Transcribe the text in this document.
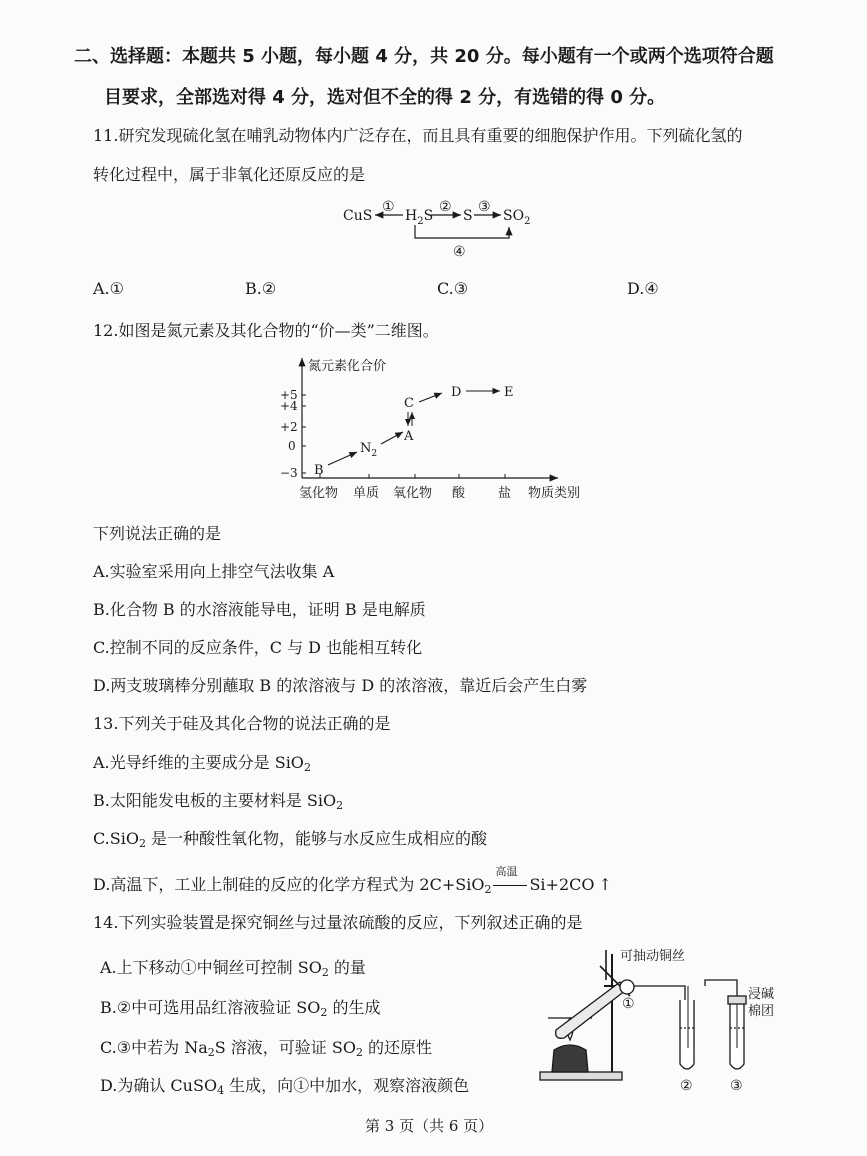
二、选择题：本题共 5 小题，每小题 4 分，共 20 分。每小题有一个或两个选项符合题
目要求，全部选对得 4 分，选对但不全的得 2 分，有选错的得 0 分。
11.研究发现硫化氢在哺乳动物体内广泛存在，而且具有重要的细胞保护作用。下列硫化氢的
转化过程中，属于非氧化还原反应的是
CuS
①
$H_2S$
②
S
③
$SO_2$
④
A.①	B.②	C.③	D.④
12.如图是氮元素及其化合物的“价—类”二维图。
氮元素化合价
+5
+4
+2
0
−3
氢化物 单质 氧化物 酸	盐 物质类别
B
$N_2$
A
C
D	E
下列说法正确的是
A.实验室采用向上排空气法收集 A
B.化合物 B 的水溶液能导电，证明 B 是电解质
C.控制不同的反应条件，C 与 D 也能相互转化
D.两支玻璃棒分别蘸取 B 的浓溶液与 D 的浓溶液，靠近后会产生白雾
13.下列关于硅及其化合物的说法正确的是
A.光导纤维的主要成分是 SiO$_2$
B.太阳能发电板的主要材料是 SiO$_2$
C.SiO$_2$ 是一种酸性氧化物，能够与水反应生成相应的酸
D.高温下，工业上制硅的反应的化学方程式为 2C+SiO$_2$
高温
Si+2CO ↑
14.下列实验装置是探究铜丝与过量浓硫酸的反应，下列叙述正确的是
A.上下移动①中铜丝可控制 $SO_2$ 的量
B.②中可选用品红溶液验证 $SO_2$ 的生成
C.③中若为 $Na_2S$ 溶液，可验证 $SO_2$ 的还原性
D.为确认 CuSO$_4$ 生成，向①中加水，观察溶液颜色
可抽动铜丝
浸碱
棉团
①
②	③
第 3 页（共 6 页）
